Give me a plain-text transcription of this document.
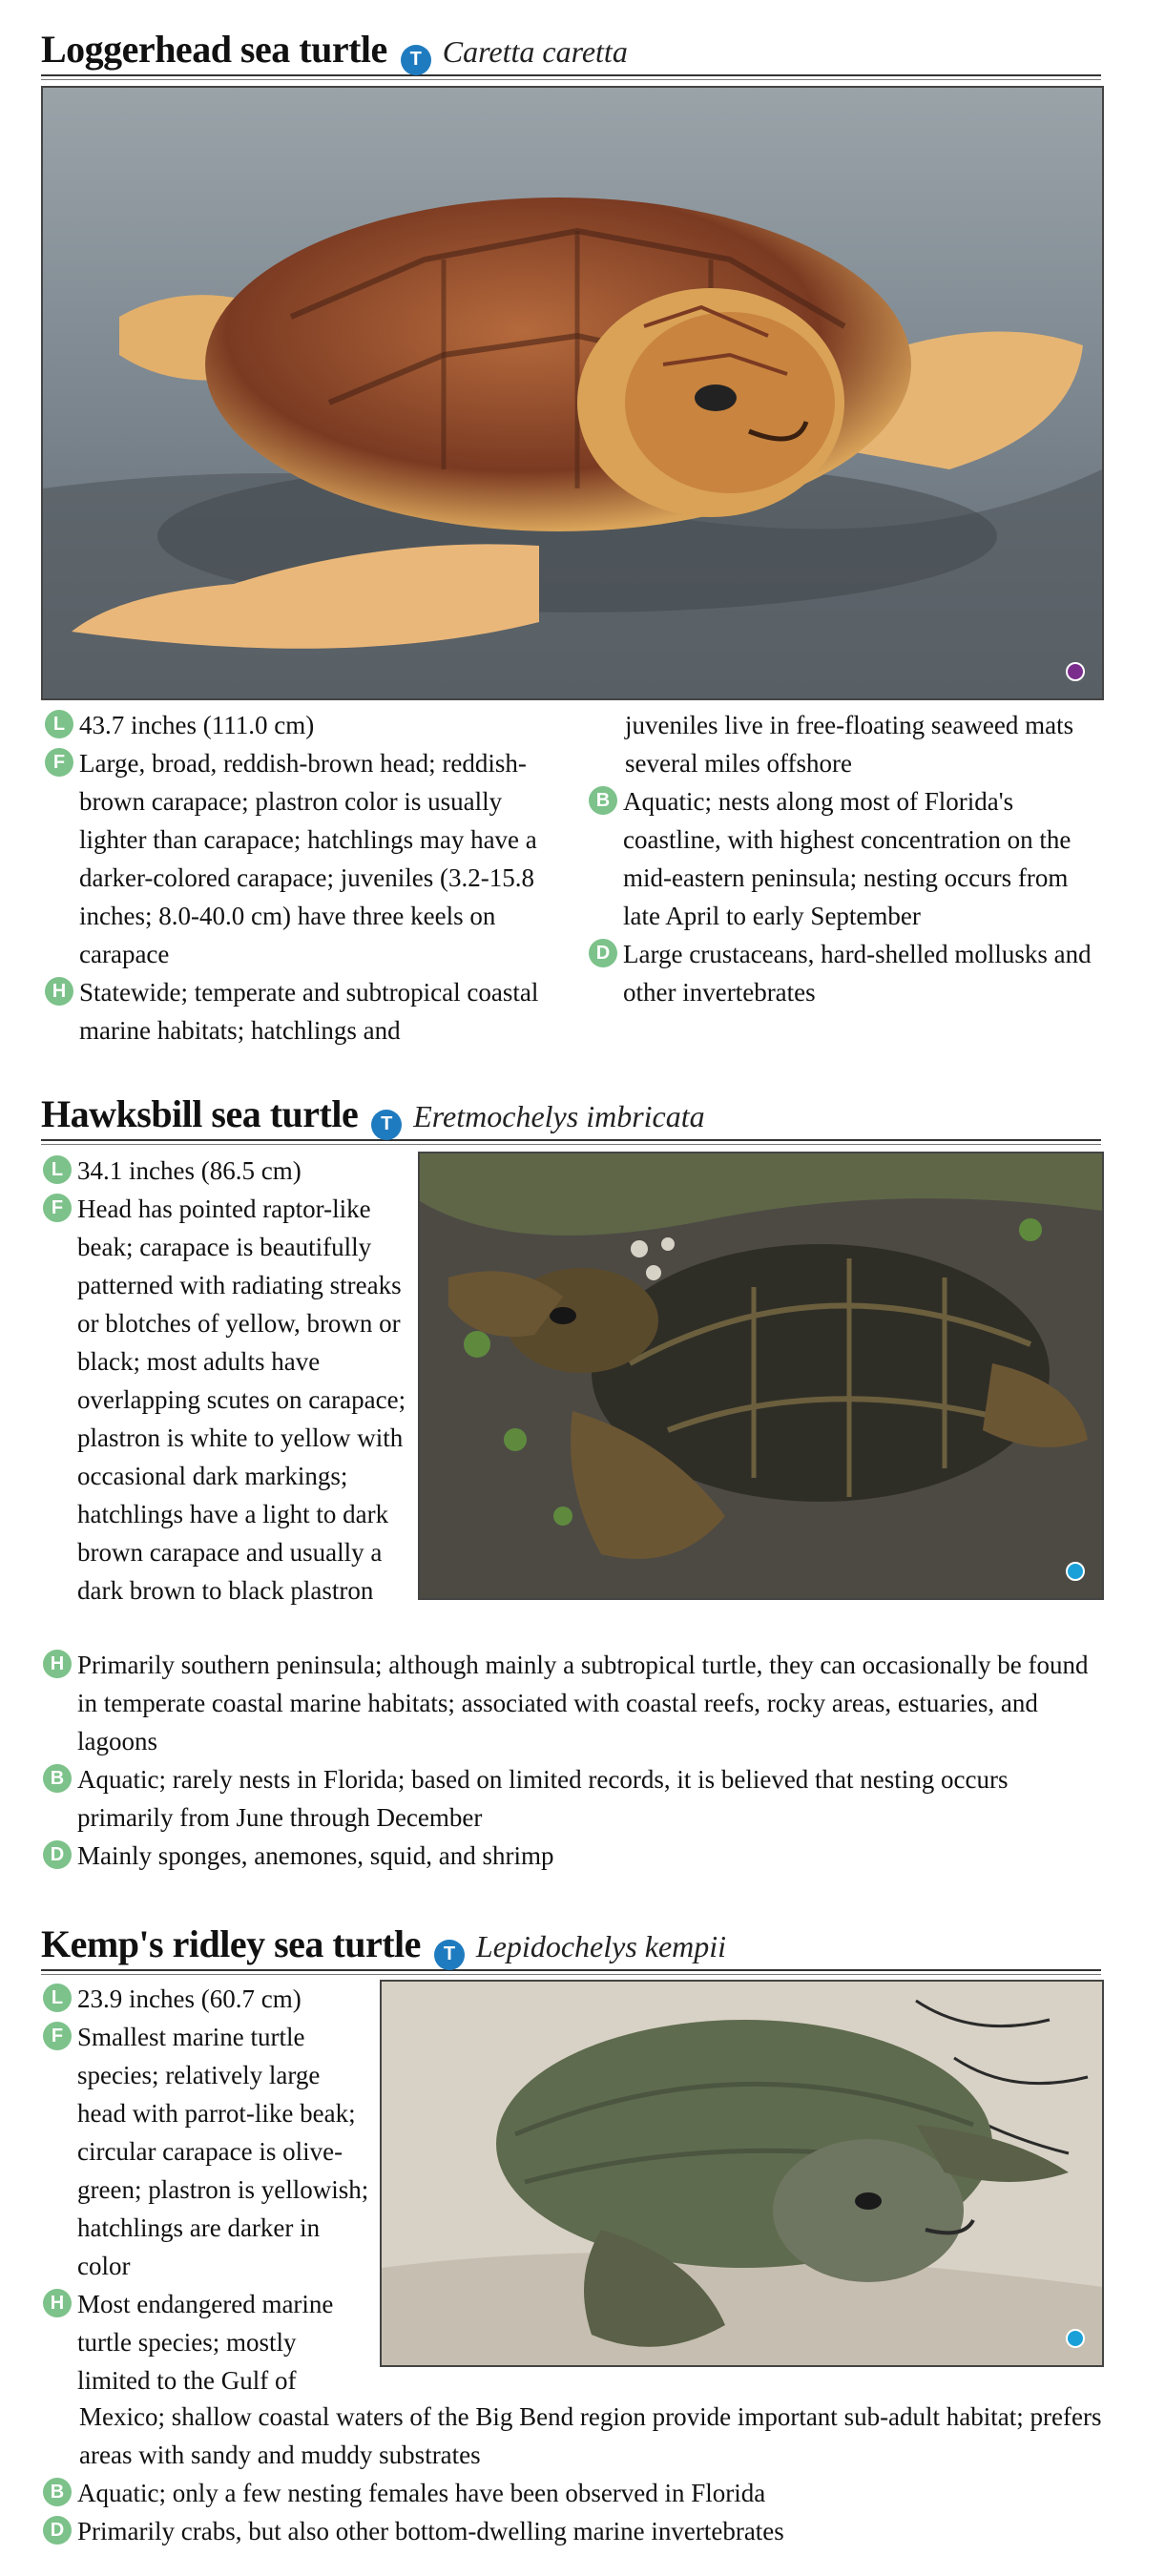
Loggerhead sea turtle	T Caretta caretta
L 43.7 inches (111.0 cm)
F Large, broad, reddish-brown head; reddish-brown carapace; plastron color is usually lighter than carapace; hatchlings may have a darker-colored carapace; juveniles (3.2-15.8 inches; 8.0-40.0 cm) have three keels on carapace
H Statewide; temperate and subtropical coastal marine habitats; hatchlings and
juveniles live in free-floating seaweed mats several miles offshore
B Aquatic; nests along most of Florida's coastline, with highest concentration on the mid-eastern peninsula; nesting occurs from late April to early September
D Large crustaceans, hard-shelled mollusks and other invertebrates
Hawksbill sea turtle	T Eretmochelys imbricata
L 34.1 inches (86.5 cm)
F Head has pointed raptor-like beak; carapace is beautifully patterned with radiating streaks or blotches of yellow, brown or black; most adults have overlapping scutes on carapace; plastron is white to yellow with occasional dark markings; hatchlings have a light to dark brown carapace and usually a dark brown to black plastron
H Primarily southern peninsula; although mainly a subtropical turtle, they can occasionally be found in temperate coastal marine habitats; associated with coastal reefs, rocky areas, estuaries, and lagoons
B Aquatic; rarely nests in Florida; based on limited records, it is believed that nesting occurs primarily from June through December
D Mainly sponges, anemones, squid, and shrimp
Kemp's ridley sea turtle	T Lepidochelys kempii
L 23.9 inches (60.7 cm)
F Smallest marine turtle species; relatively large head with parrot-like beak; circular carapace is olive-green; plastron is yellowish; hatchlings are darker in color
H Most endangered marine turtle species; mostly limited to the Gulf of
Mexico; shallow coastal waters of the Big Bend region provide important sub-adult habitat; prefers areas with sandy and muddy substrates
B Aquatic; only a few nesting females have been observed in Florida
D Primarily crabs, but also other bottom-dwelling marine invertebrates
